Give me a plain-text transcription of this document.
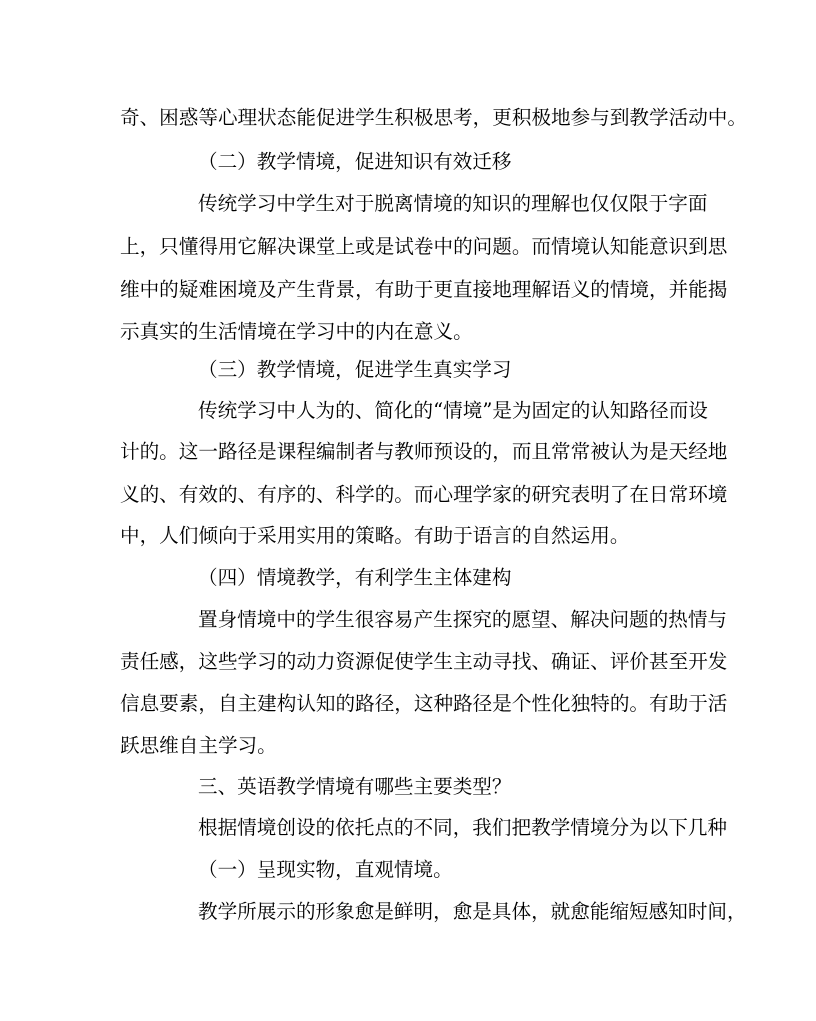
奇、困惑等心理状态能促进学生积极思考，更积极地参与到教学活动中。
（二）教学情境，促进知识有效迁移
传统学习中学生对于脱离情境的知识的理解也仅仅限于字面
上，只懂得用它解决课堂上或是试卷中的问题。而情境认知能意识到思
维中的疑难困境及产生背景，有助于更直接地理解语义的情境，并能揭
示真实的生活情境在学习中的内在意义。
（三）教学情境，促进学生真实学习
传统学习中人为的、简化的“情境”是为固定的认知路径而设
计的。这一路径是课程编制者与教师预设的，而且常常被认为是天经地
义的、有效的、有序的、科学的。而心理学家的研究表明了在日常环境
中，人们倾向于采用实用的策略。有助于语言的自然运用。
（四）情境教学，有利学生主体建构
置身情境中的学生很容易产生探究的愿望、解决问题的热情与
责任感，这些学习的动力资源促使学生主动寻找、确证、评价甚至开发
信息要素，自主建构认知的路径，这种路径是个性化独特的。有助于活
跃思维自主学习。
三、英语教学情境有哪些主要类型？
根据情境创设的依托点的不同，我们把教学情境分为以下几种
（一）呈现实物，直观情境。
教学所展示的形象愈是鲜明，愈是具体，就愈能缩短感知时间，
